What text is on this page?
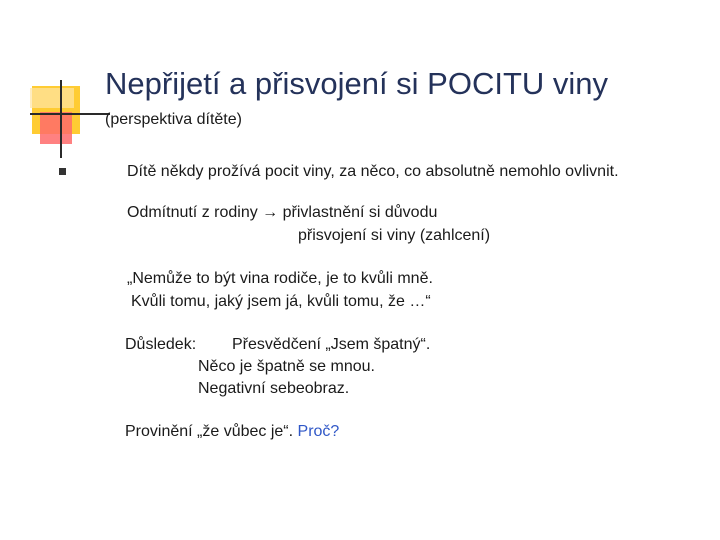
Nepřijetí a přisvojení si POCITU viny
(perspektiva dítěte)
Dítě někdy prožívá pocit viny, za něco, co absolutně nemohlo ovlivnit.
Odmítnutí z rodiny → přivlastnění si důvodu
přisvojení si viny (zahlcení)
„Nemůže to být vina rodiče, je to kvůli mně.
Kvůli tomu, jaký jsem já, kvůli tomu, že …“
Důsledek: Přesvědčení „Jsem špatný“.
Něco je špatně se mnou.
Negativní sebeobraz.
Provinění „že vůbec je“. Proč?
